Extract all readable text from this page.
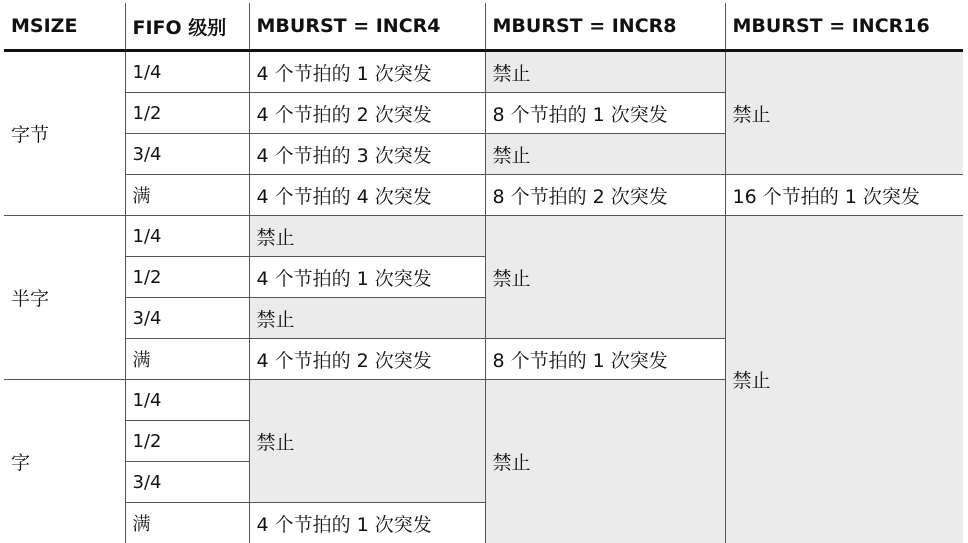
MSIZE	FIFO 级别	MBURST = INCR4	MBURST = INCR8	MBURST = INCR16
字节	1/4	4 个节拍的 1 次突发	禁止	禁止
	1/2	4 个节拍的 2 次突发	8 个节拍的 1 次突发	
	3/4	4 个节拍的 3 次突发	禁止	
	满	4 个节拍的 4 次突发	8 个节拍的 2 次突发	16 个节拍的 1 次突发
半字	1/4	禁止	禁止	禁止
	1/2	4 个节拍的 1 次突发		
	3/4	禁止		
	满	4 个节拍的 2 次突发	8 个节拍的 1 次突发	
字	1/4	禁止	禁止	
	1/2			
	3/4			
	满	4 个节拍的 1 次突发		
